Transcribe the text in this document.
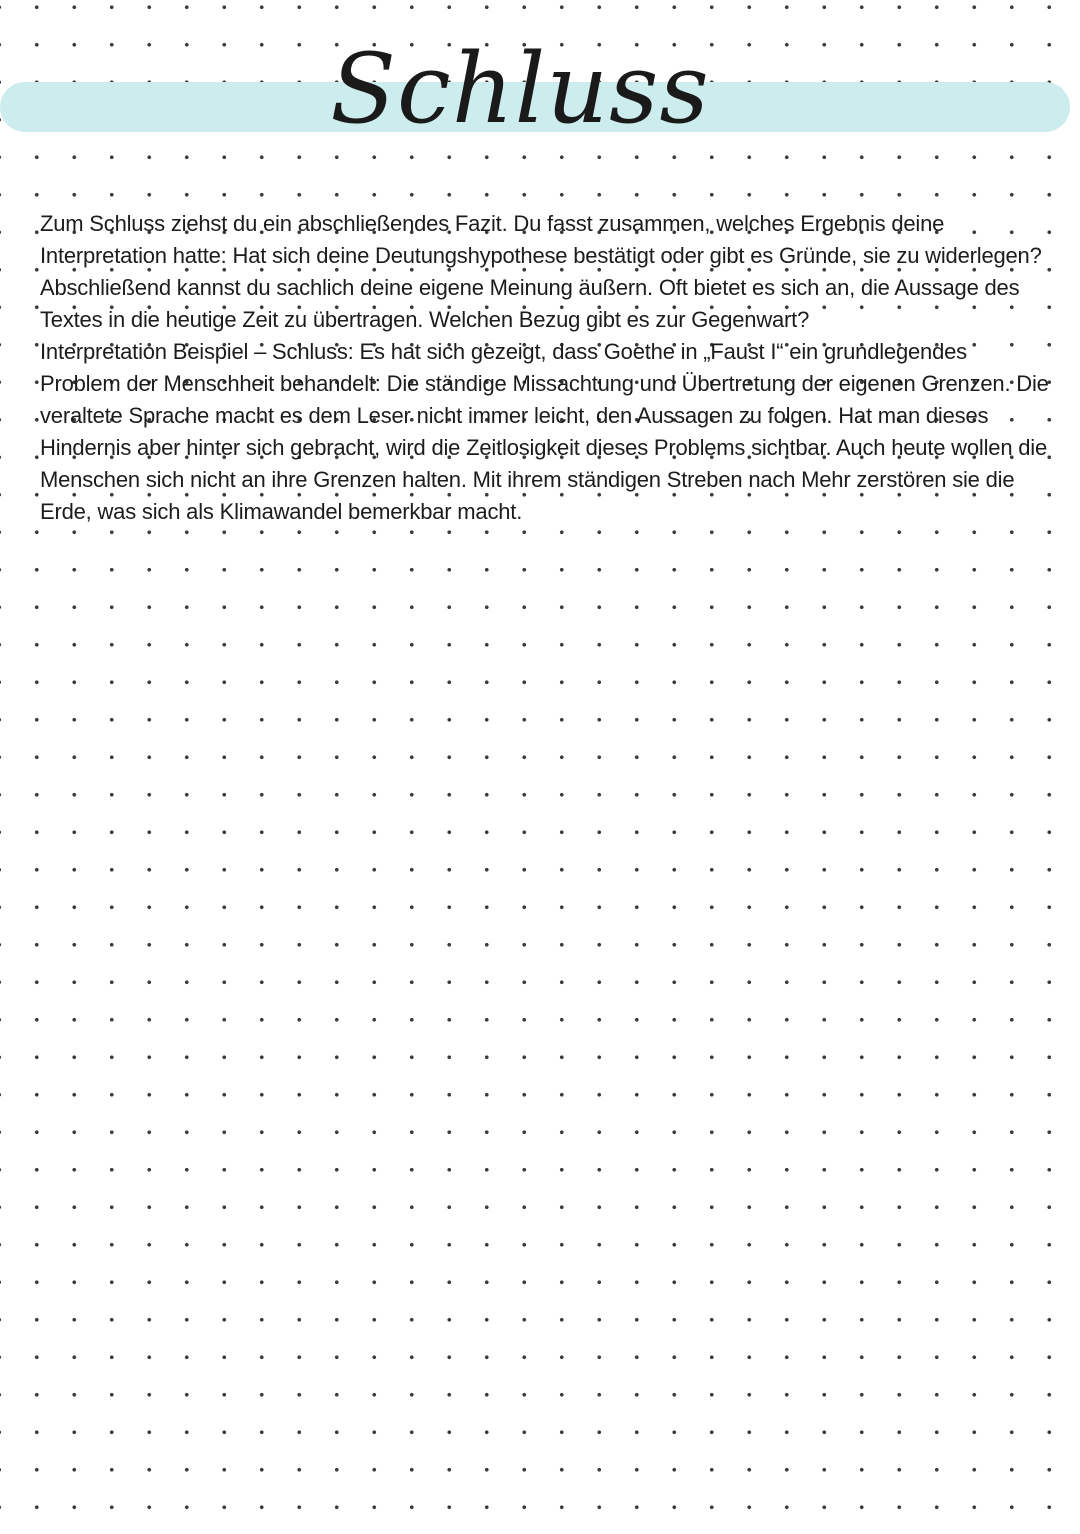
Schluss

Zum Schluss ziehst du ein abschließendes Fazit. Du fasst zusammen, welches Ergebnis deine Interpretation hatte: Hat sich deine Deutungshypothese bestätigt oder gibt es Gründe, sie zu widerlegen? Abschließend kannst du sachlich deine eigene Meinung äußern. Oft bietet es sich an, die Aussage des Textes in die heutige Zeit zu übertragen. Welchen Bezug gibt es zur Gegenwart?

Interpretation Beispiel – Schluss: Es hat sich gezeigt, dass Goethe in „Faust I“ ein grundlegendes Problem der Menschheit behandelt: Die ständige Missachtung und Übertretung der eigenen Grenzen. Die veraltete Sprache macht es dem Leser nicht immer leicht, den Aussagen zu folgen. Hat man dieses Hindernis aber hinter sich gebracht, wird die Zeitlosigkeit dieses Problems sichtbar. Auch heute wollen die Menschen sich nicht an ihre Grenzen halten. Mit ihrem ständigen Streben nach Mehr zerstören sie die Erde, was sich als Klimawandel bemerkbar macht.
